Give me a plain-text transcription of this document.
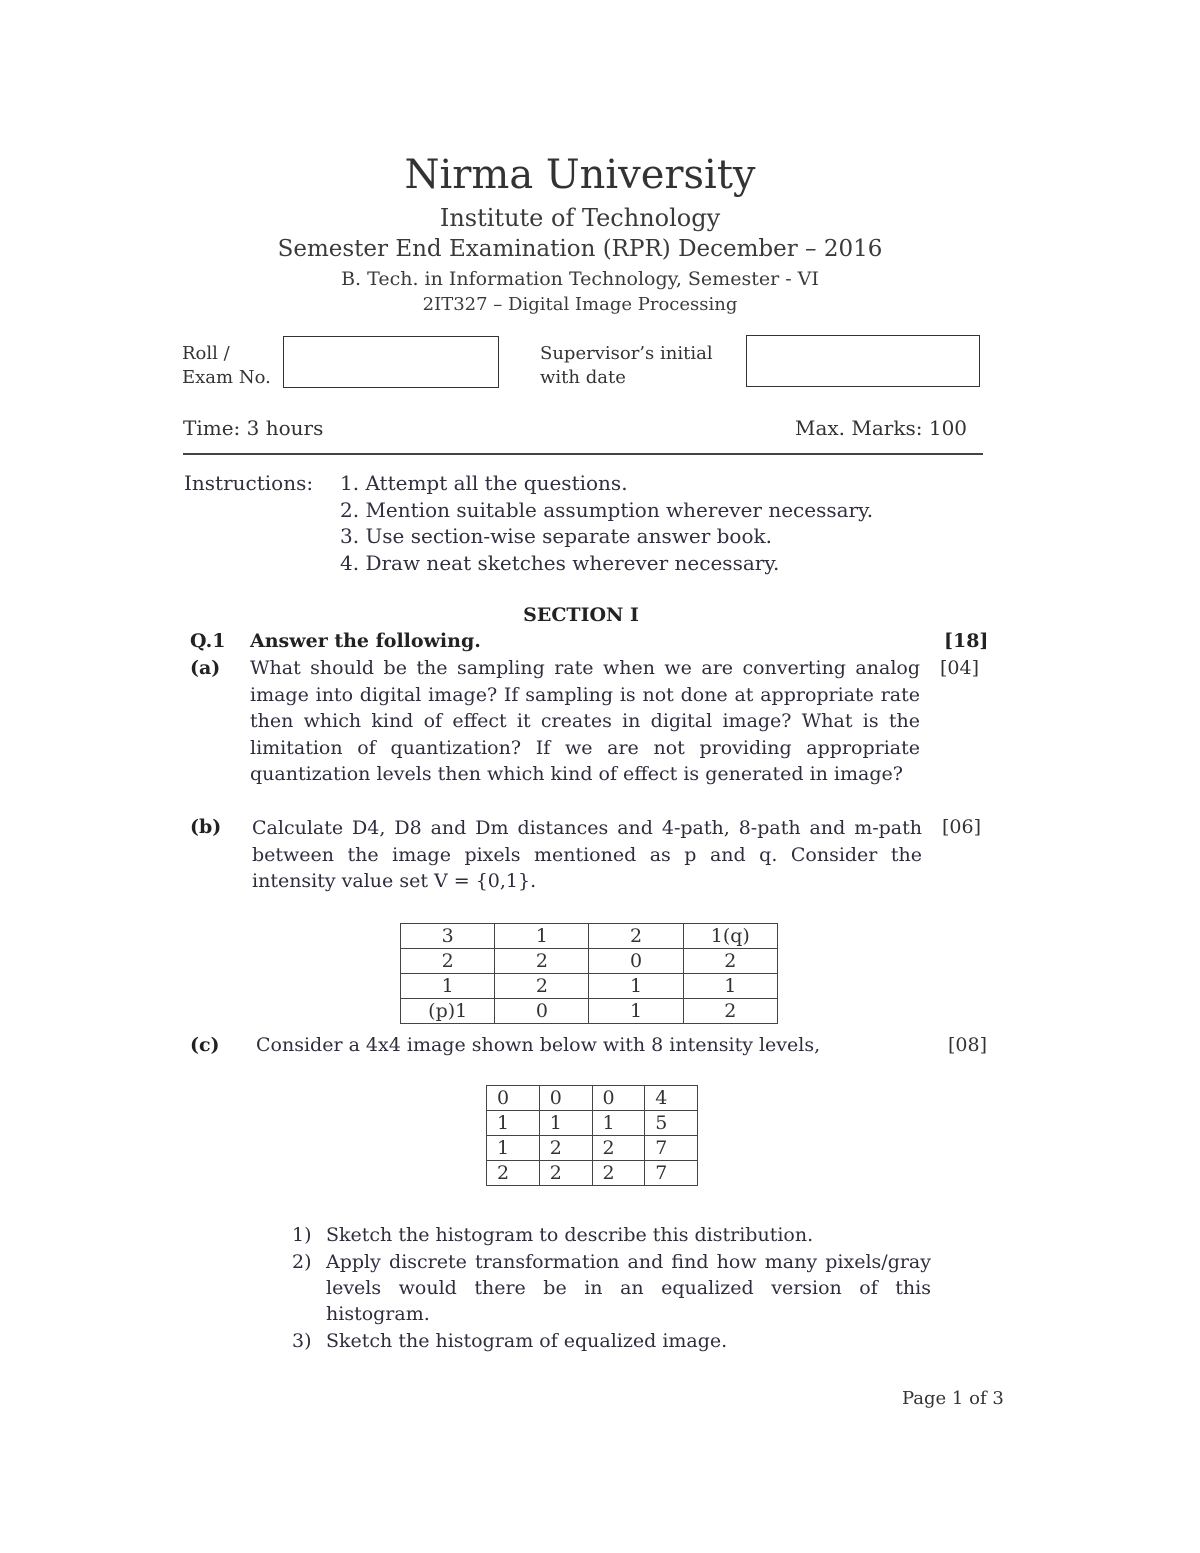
Nirma University
Institute of Technology
Semester End Examination (RPR) December – 2016
B. Tech. in Information Technology, Semester - VI
2IT327 – Digital Image Processing
Roll /
Exam No.
Supervisor’s initial
with date
Time: 3 hours	Max. Marks: 100
Instructions: 1. Attempt all the questions.
2. Mention suitable assumption wherever necessary.
3. Use section-wise separate answer book.
4. Draw neat sketches wherever necessary.
SECTION I
Q.1 Answer the following.	[18]
(a) What should be the sampling rate when we are converting analog image into digital image? If sampling is not done at appropriate rate then which kind of effect it creates in digital image? What is the limitation of quantization? If we are not providing appropriate quantization levels then which kind of effect is generated in image?
[04]
(b) Calculate D4, D8 and Dm distances and 4-path, 8-path and m-path between the image pixels mentioned as p and q. Consider the intensity value set V = {0,1}.
[06]
3	1	2	1(q)
2	2	0	2
1	2	1	1
(p)1	0	1	2
(c) Consider a 4x4 image shown below with 8 intensity levels,	[08]
0	0	0	4
1	1	1	5
1	2	2	7
2	2	2	7
1) Sketch the histogram to describe this distribution.
2) Apply discrete transformation and find how many pixels/gray levels would there be in an equalized version of this histogram.
3) Sketch the histogram of equalized image.
Page 1 of 3
